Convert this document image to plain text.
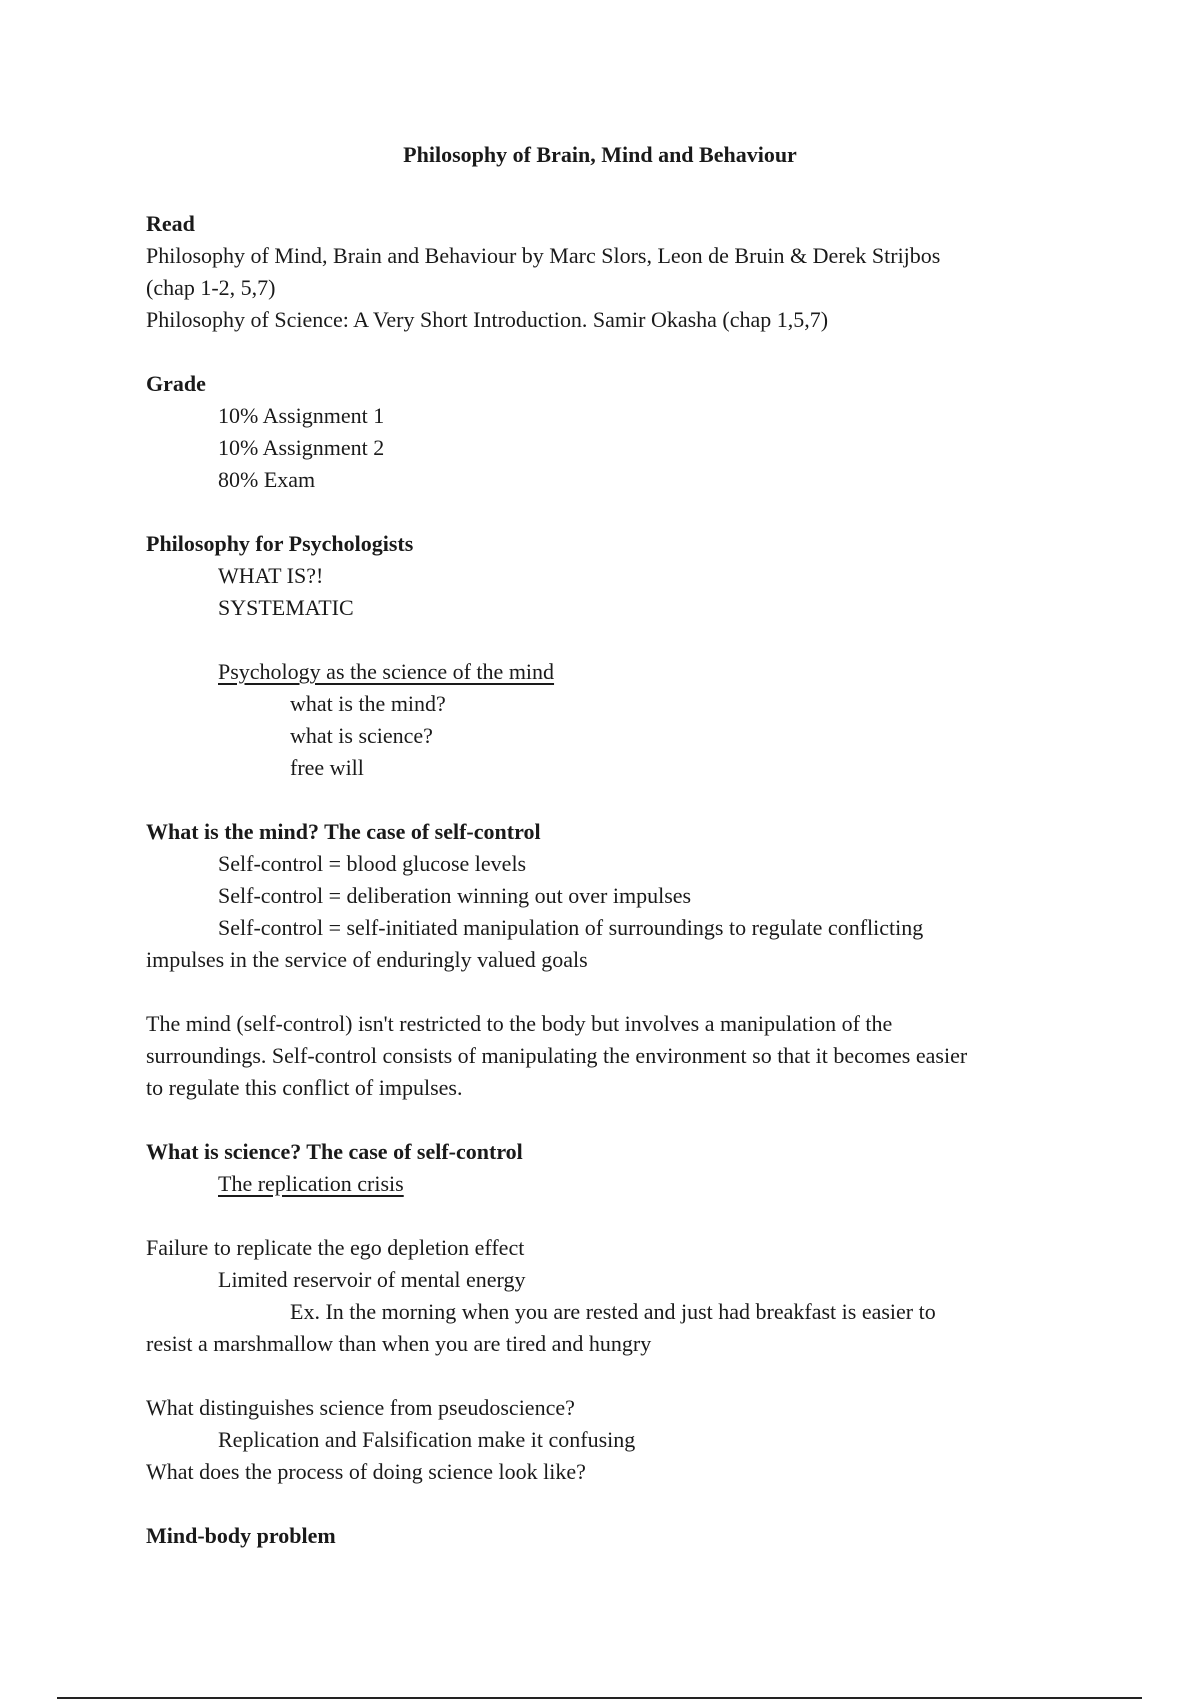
Philosophy of Brain, Mind and Behaviour

Read

Philosophy of Mind, Brain and Behaviour by Marc Slors, Leon de Bruin & Derek Strijbos

(chap 1-2, 5,7)

Philosophy of Science: A Very Short Introduction. Samir Okasha (chap 1,5,7)

Grade

10% Assignment 1

10% Assignment 2

80% Exam

Philosophy for Psychologists

WHAT IS?!

SYSTEMATIC

Psychology as the science of the mind

what is the mind?

what is science?

free will

What is the mind? The case of self-control

Self-control = blood glucose levels

Self-control = deliberation winning out over impulses

Self-control = self-initiated manipulation of surroundings to regulate conflicting

impulses in the service of enduringly valued goals

The mind (self-control) isn't restricted to the body but involves a manipulation of the

surroundings. Self-control consists of manipulating the environment so that it becomes easier

to regulate this conflict of impulses.

What is science? The case of self-control

The replication crisis

Failure to replicate the ego depletion effect

Limited reservoir of mental energy

Ex. In the morning when you are rested and just had breakfast is easier to

resist a marshmallow than when you are tired and hungry

What distinguishes science from pseudoscience?

Replication and Falsification make it confusing

What does the process of doing science look like?

Mind-body problem
